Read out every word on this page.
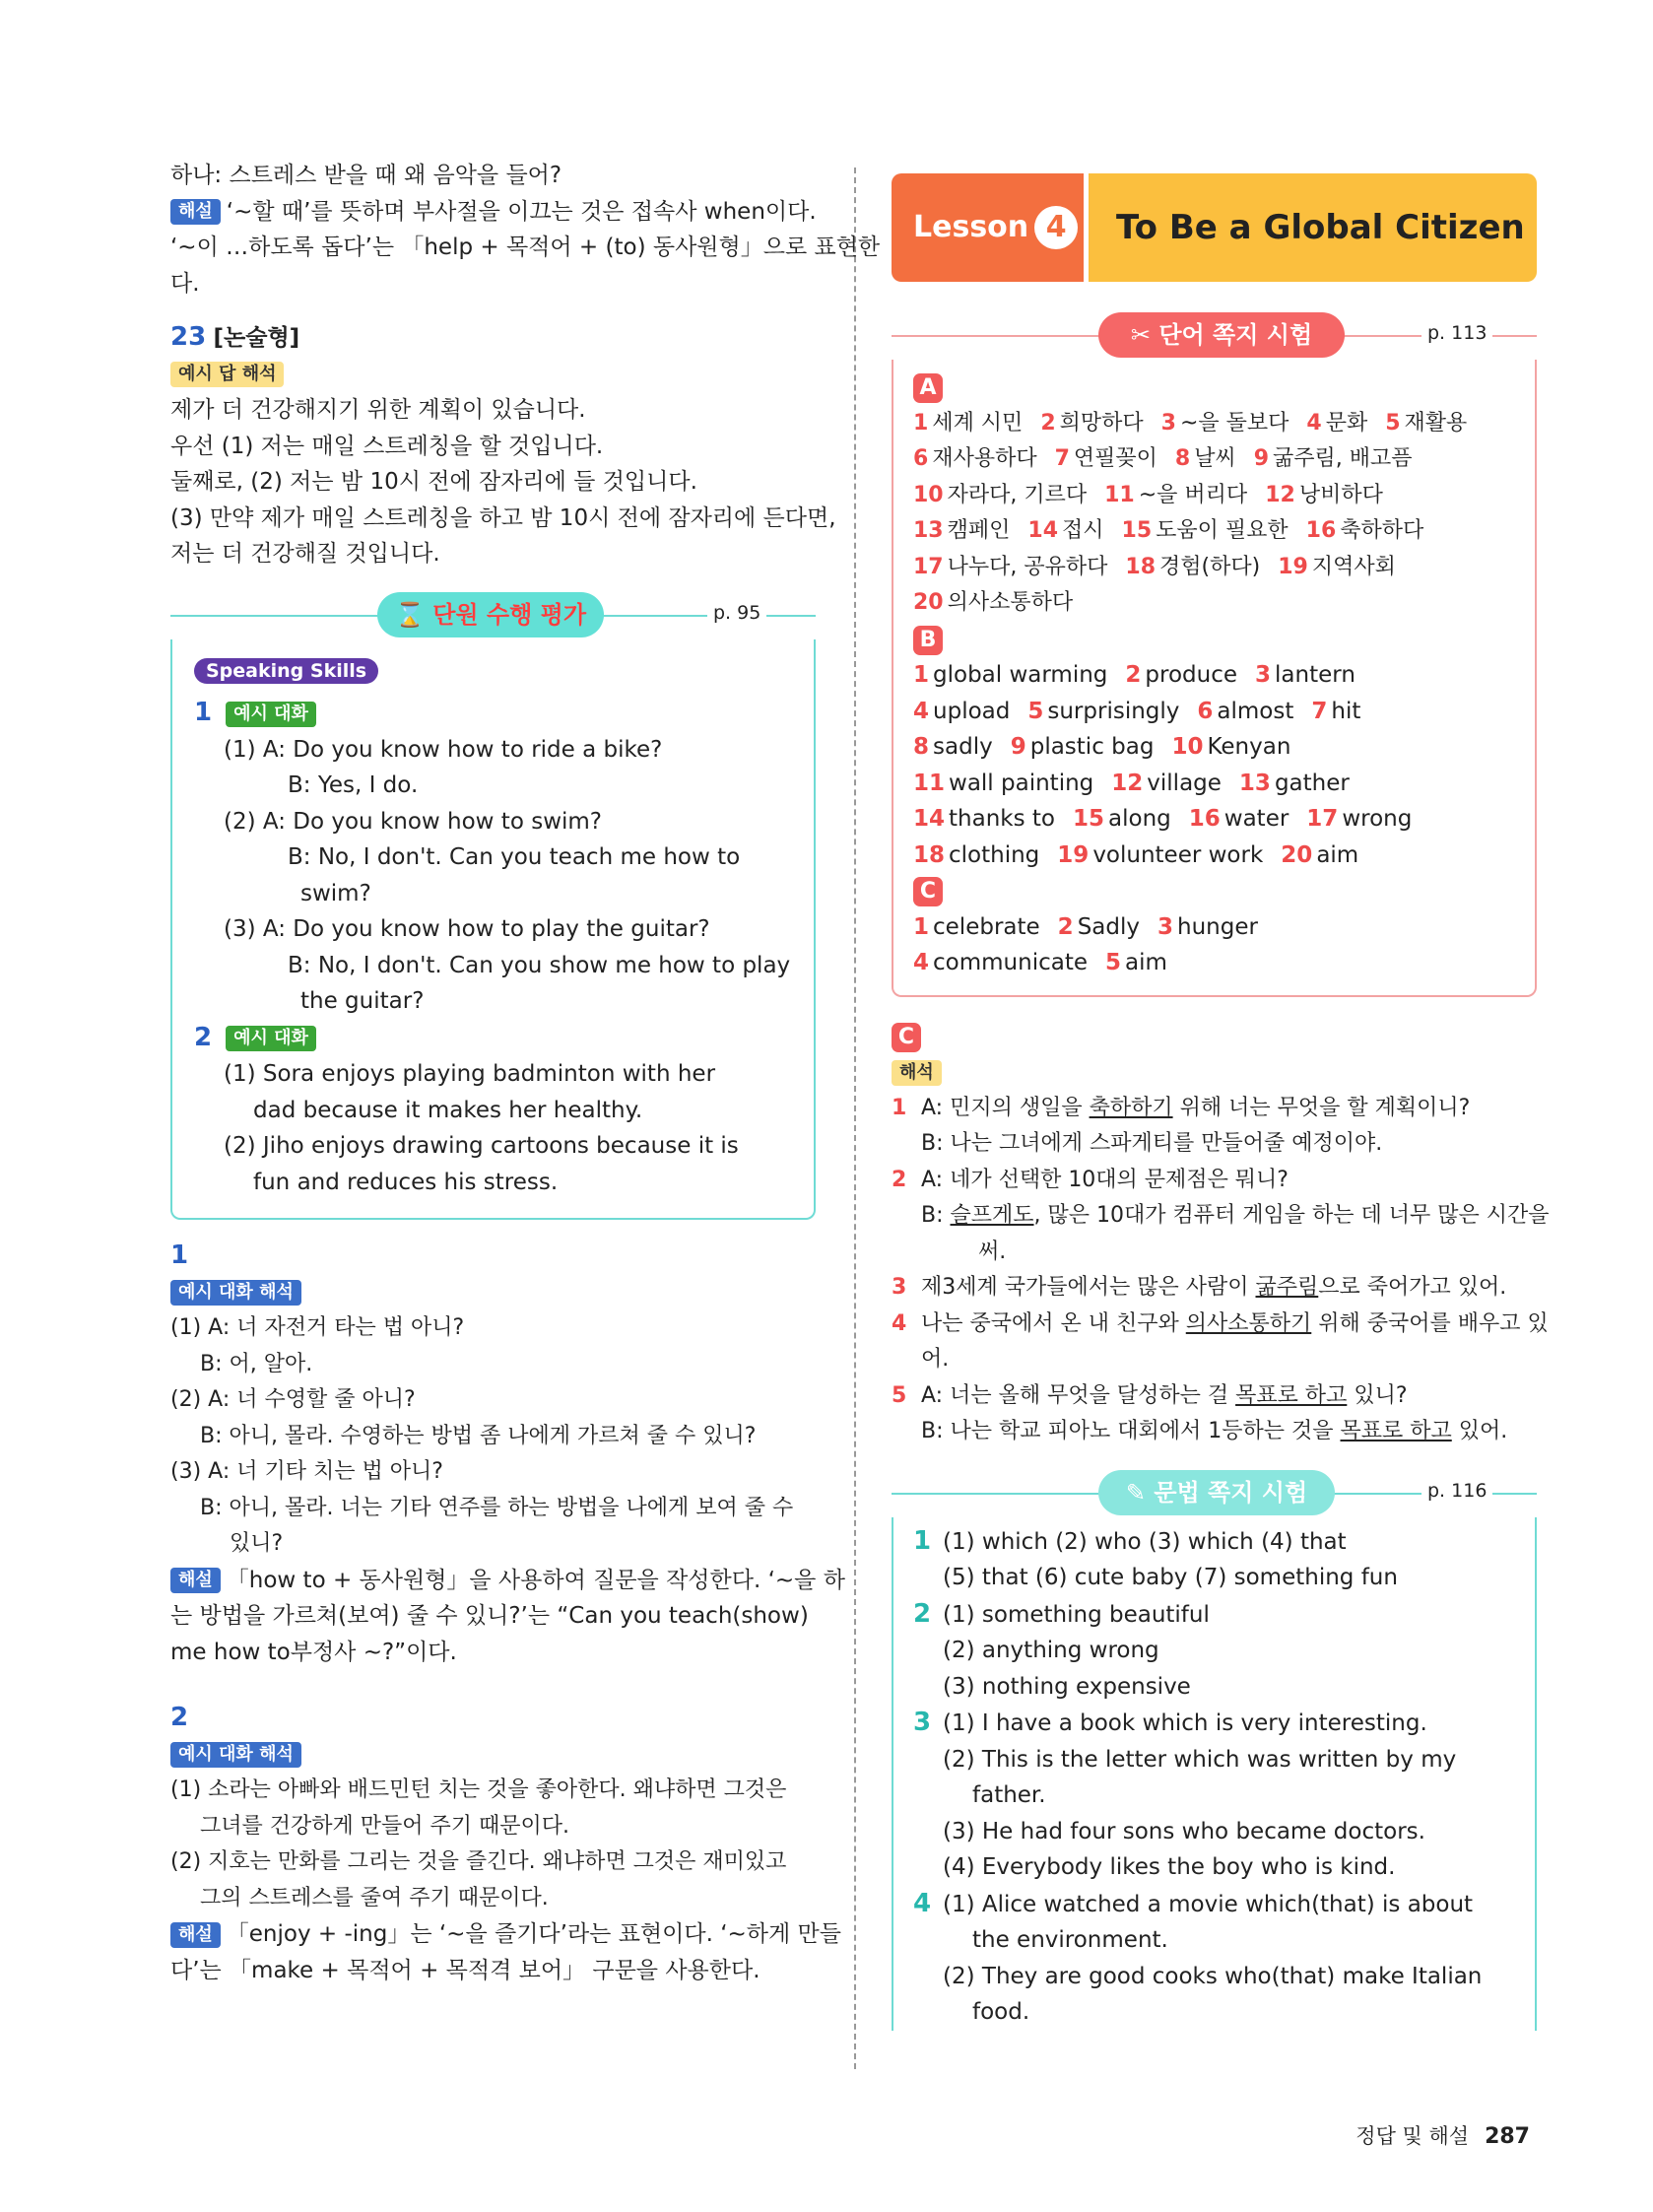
하나: 스트레스 받을 때 왜 음악을 들어?
해설 ‘~할 때’를 뜻하며 부사절을 이끄는 것은 접속사 when이다.
‘~이 …하도록 돕다’는 「help + 목적어 + (to) 동사원형」으로 표현한
다.
23 [논술형]
예시 답 해석
제가 더 건강해지기 위한 계획이 있습니다.
우선 (1) 저는 매일 스트레칭을 할 것입니다.
둘째로, (2) 저는 밤 10시 전에 잠자리에 들 것입니다.
(3) 만약 제가 매일 스트레칭을 하고 밤 10시 전에 잠자리에 든다면,
저는 더 건강해질 것입니다.
⌛ 단원 수행 평가	p. 95
Speaking Skills
1 예시 대화
(1) A: Do you know how to ride a bike?
B: Yes, I do.
(2) A: Do you know how to swim?
B: No, I don't. Can you teach me how to
swim?
(3) A: Do you know how to play the guitar?
B: No, I don't. Can you show me how to play
the guitar?
2 예시 대화
(1) Sora enjoys playing badminton with her
dad because it makes her healthy.
(2) Jiho enjoys drawing cartoons because it is
fun and reduces his stress.
1
예시 대화 해석
(1) A: 너 자전거 타는 법 아니?
B: 어, 알아.
(2) A: 너 수영할 줄 아니?
B: 아니, 몰라. 수영하는 방법 좀 나에게 가르쳐 줄 수 있니?
(3) A: 너 기타 치는 법 아니?
B: 아니, 몰라. 너는 기타 연주를 하는 방법을 나에게 보여 줄 수
있니?
해설 「how to + 동사원형」을 사용하여 질문을 작성한다. ‘~을 하
는 방법을 가르쳐(보여) 줄 수 있니?’는 “Can you teach(show)
me how to부정사 ~?”이다.
2
예시 대화 해석
(1) 소라는 아빠와 배드민턴 치는 것을 좋아한다. 왜냐하면 그것은
그녀를 건강하게 만들어 주기 때문이다.
(2) 지호는 만화를 그리는 것을 즐긴다. 왜냐하면 그것은 재미있고
그의 스트레스를 줄여 주기 때문이다.
해설 「enjoy + -ing」는 ‘~을 즐기다’라는 표현이다. ‘~하게 만들
다’는 「make + 목적어 + 목적격 보어」 구문을 사용한다.
Lesson 4	To Be a Global Citizen
✂ 단어 쪽지 시험	p. 113
A
1 세계 시민 2 희망하다 3 ~을 돌보다 4 문화 5 재활용
6 재사용하다 7 연필꽂이 8 날씨 9 굶주림, 배고픔
10 자라다, 기르다 11 ~을 버리다 12 낭비하다
13 캠페인 14 접시 15 도움이 필요한 16 축하하다
17 나누다, 공유하다 18 경험(하다) 19 지역사회
20 의사소통하다
B
1 global warming 2 produce 3 lantern
4 upload 5 surprisingly 6 almost 7 hit
8 sadly 9 plastic bag 10 Kenyan
11 wall painting 12 village 13 gather
14 thanks to 15 along 16 water 17 wrong
18 clothing 19 volunteer work 20 aim
C
1 celebrate 2 Sadly 3 hunger
4 communicate 5 aim
C
해석
1 A: 민지의 생일을 축하하기 위해 너는 무엇을 할 계획이니?
B: 나는 그녀에게 스파게티를 만들어줄 예정이야.
2 A: 네가 선택한 10대의 문제점은 뭐니?
B: 슬프게도, 많은 10대가 컴퓨터 게임을 하는 데 너무 많은 시간을
써.
3 제3세계 국가들에서는 많은 사람이 굶주림으로 죽어가고 있어.
4 나는 중국에서 온 내 친구와 의사소통하기 위해 중국어를 배우고 있
어.
5 A: 너는 올해 무엇을 달성하는 걸 목표로 하고 있니?
B: 나는 학교 피아노 대회에서 1등하는 것을 목표로 하고 있어.
✎ 문법 쪽지 시험	p. 116
1 (1) which (2) who (3) which (4) that
(5) that (6) cute baby (7) something fun
2 (1) something beautiful
(2) anything wrong
(3) nothing expensive
3 (1) I have a book which is very interesting.
(2) This is the letter which was written by my
father.
(3) He had four sons who became doctors.
(4) Everybody likes the boy who is kind.
4 (1) Alice watched a movie which(that) is about
the environment.
(2) They are good cooks who(that) make Italian
food.
정답 및 해설 287
